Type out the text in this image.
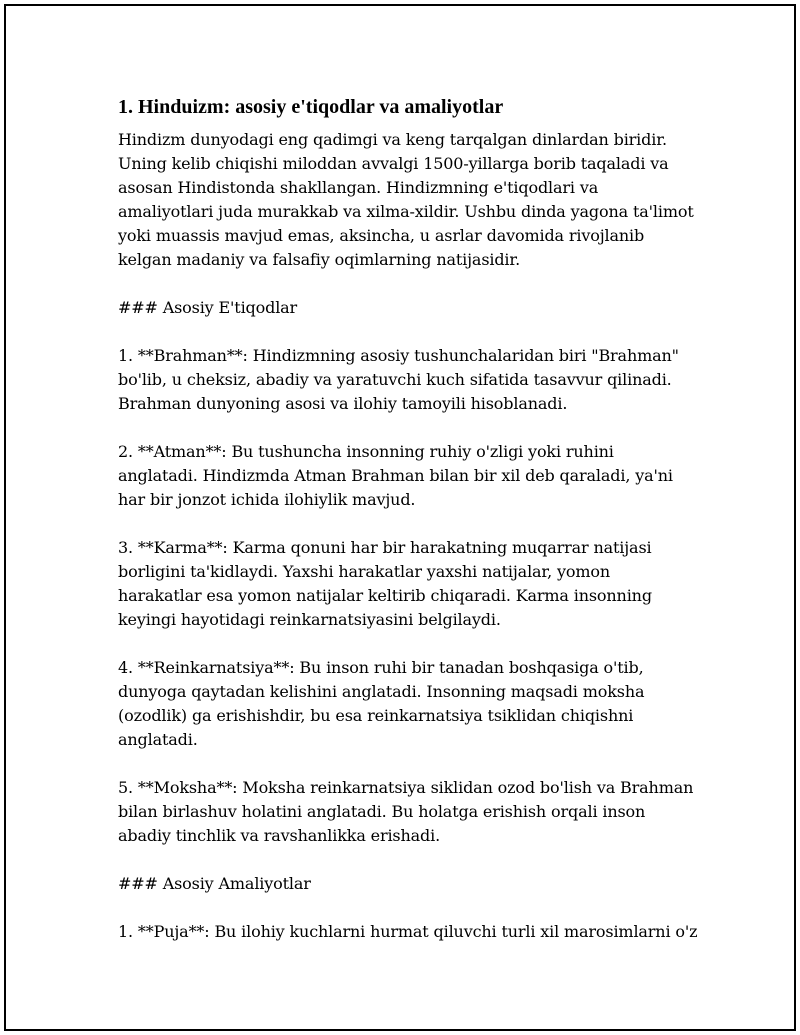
1. Hinduizm: asosiy e'tiqodlar va amaliyotlar

Hindizm dunyodagi eng qadimgi va keng tarqalgan dinlardan biridir. Uning kelib chiqishi miloddan avvalgi 1500-yillarga borib taqaladi va asosan Hindistonda shakllangan. Hindizmning e'tiqodlari va amaliyotlari juda murakkab va xilma-xildir. Ushbu dinda yagona ta'limot yoki muassis mavjud emas, aksincha, u asrlar davomida rivojlanib kelgan madaniy va falsafiy oqimlarning natijasidir.

### Asosiy E'tiqodlar

1. **Brahman**: Hindizmning asosiy tushunchalaridan biri "Brahman" bo'lib, u cheksiz, abadiy va yaratuvchi kuch sifatida tasavvur qilinadi. Brahman dunyoning asosi va ilohiy tamoyili hisoblanadi.

2. **Atman**: Bu tushuncha insonning ruhiy o'zligi yoki ruhini anglatadi. Hindizmda Atman Brahman bilan bir xil deb qaraladi, ya'ni har bir jonzot ichida ilohiylik mavjud.

3. **Karma**: Karma qonuni har bir harakatning muqarrar natijasi borligini ta'kidlaydi. Yaxshi harakatlar yaxshi natijalar, yomon harakatlar esa yomon natijalar keltirib chiqaradi. Karma insonning keyingi hayotidagi reinkarnatsiyasini belgilaydi.

4. **Reinkarnatsiya**: Bu inson ruhi bir tanadan boshqasiga o'tib, dunyoga qaytadan kelishini anglatadi. Insonning maqsadi moksha (ozodlik) ga erishishdir, bu esa reinkarnatsiya tsiklidan chiqishni anglatadi.

5. **Moksha**: Moksha reinkarnatsiya siklidan ozod bo'lish va Brahman bilan birlashuv holatini anglatadi. Bu holatga erishish orqali inson abadiy tinchlik va ravshanlikka erishadi.

### Asosiy Amaliyotlar

1. **Puja**: Bu ilohiy kuchlarni hurmat qiluvchi turli xil marosimlarni o'z
